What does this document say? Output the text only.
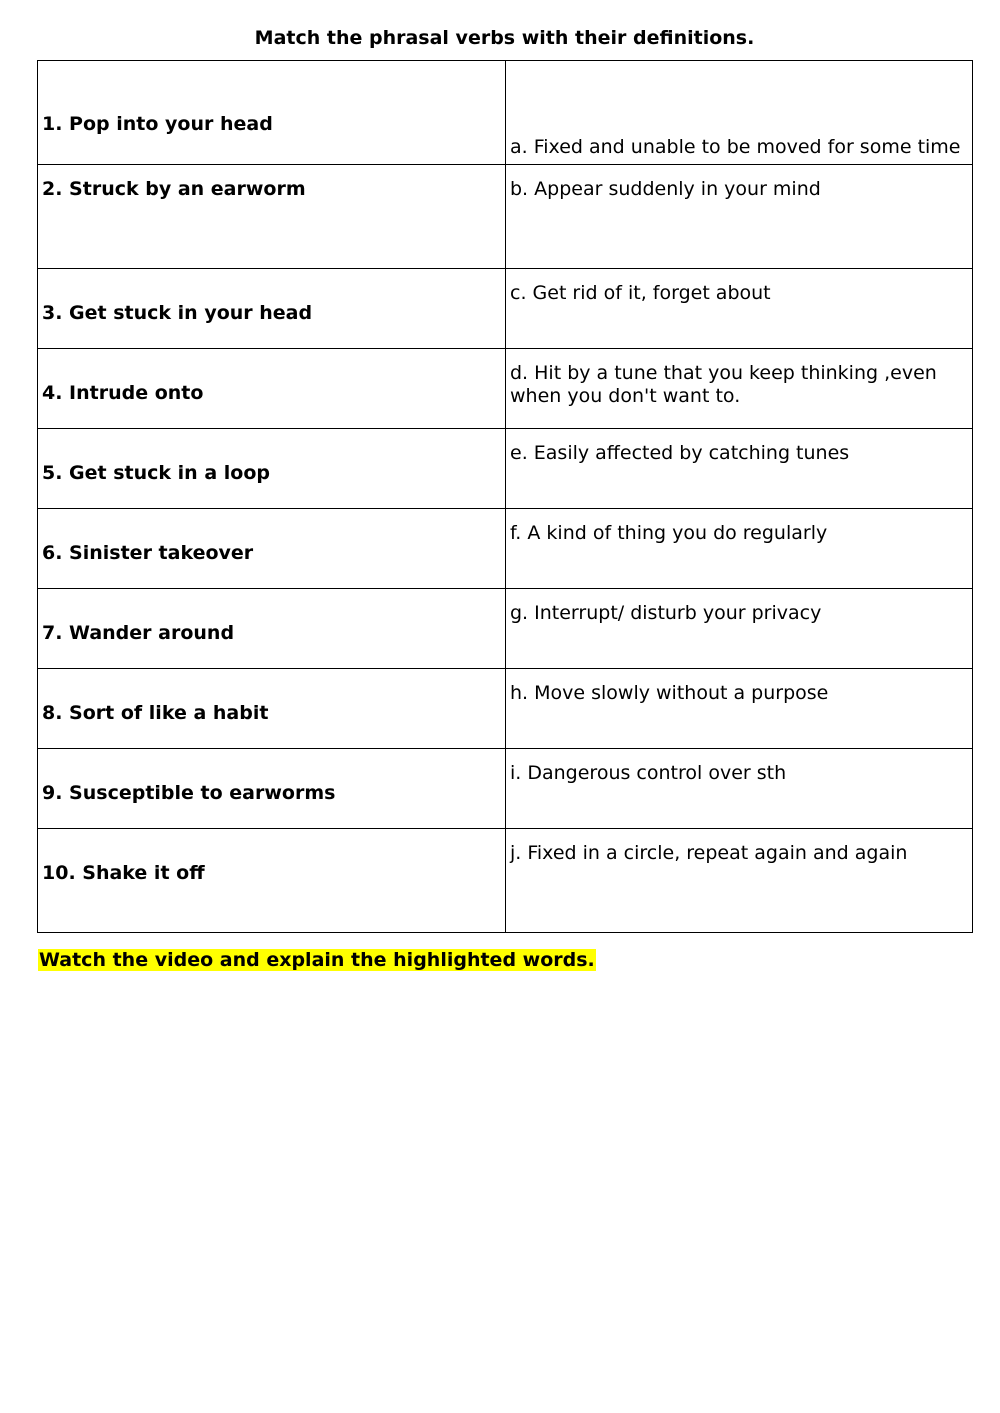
Match the phrasal verbs with their definitions.
1. Pop into your head	a. Fixed and unable to be moved for some time
2. Struck by an earworm	b. Appear suddenly in your mind
3. Get stuck in your head	c. Get rid of it, forget about
4. Intrude onto	d. Hit by a tune that you keep thinking ,even when you don't want to.
5. Get stuck in a loop	e. Easily affected by catching tunes
6. Sinister takeover	f. A kind of thing you do regularly
7. Wander around	g. Interrupt/ disturb your privacy
8. Sort of like a habit	h. Move slowly without a purpose
9. Susceptible to earworms	i. Dangerous control over sth
10. Shake it off	j. Fixed in a circle, repeat again and again
Watch the video and explain the highlighted words.
